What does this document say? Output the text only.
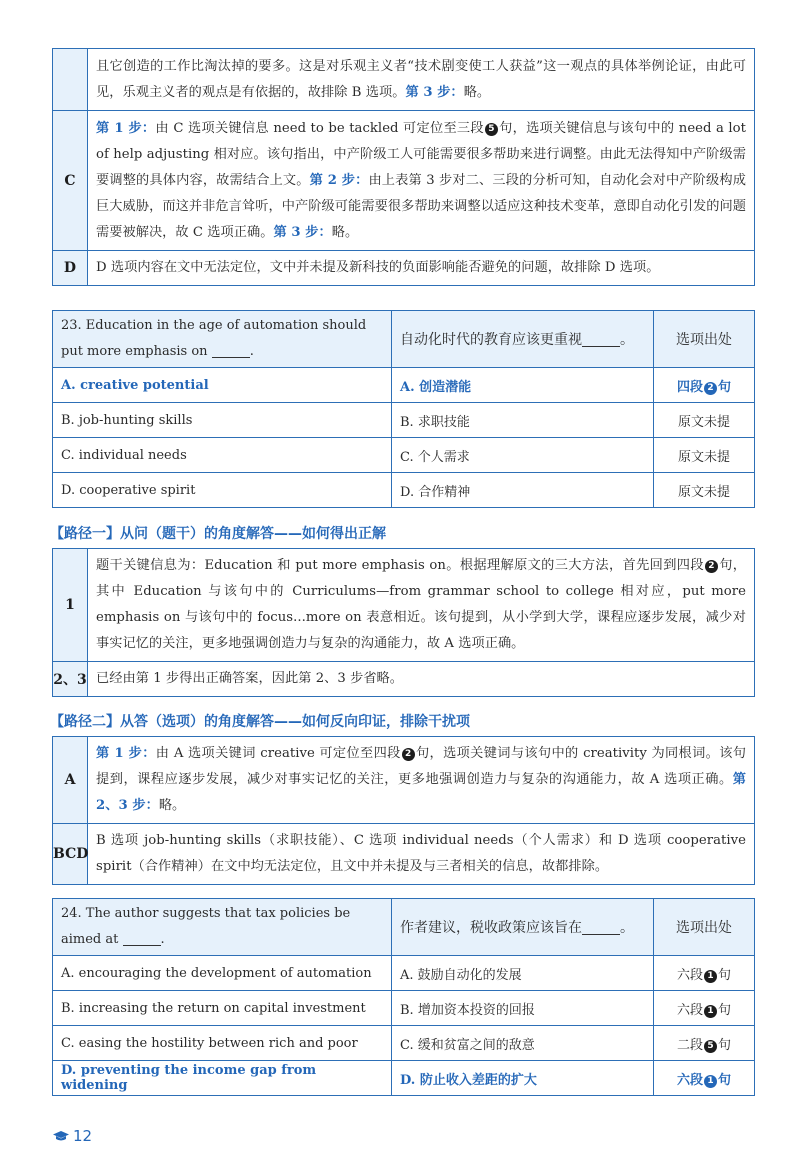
	且它创造的工作比淘汰掉的要多。这是对乐观主义者“技术剧变使工人获益”这一观点的具体举例论证，由此可见，乐观主义者的观点是有依据的，故排除 B 选项。第 3 步：略。
C	第 1 步：由 C 选项关键信息 need to be tackled 可定位至三段 5 句，选项关键信息与该句中的 need a lot of help adjusting 相对应。该句指出，中产阶级工人可能需要很多帮助来进行调整。由此无法得知中产阶级需要调整的具体内容，故需结合上文。第 2 步：由上表第 3 步对二、三段的分析可知，自动化会对中产阶级构成巨大威胁，而这并非危言耸听，中产阶级可能需要很多帮助来调整以适应这种技术变革，意即自动化引发的问题需要被解决，故 C 选项正确。第 3 步：略。
D	D 选项内容在文中无法定位，文中并未提及新科技的负面影响能否避免的问题，故排除 D 选项。
23. Education in the age of automation should put more emphasis on .	自动化时代的教育应该更重视 。	选项出处
A. creative potential	A. 创造潜能	四段 2 句
B. job-hunting skills	B. 求职技能	原文未提
C. individual needs	C. 个人需求	原文未提
D. cooperative spirit	D. 合作精神	原文未提
【路径一】从问（题干）的角度解答——如何得出正解
1	题干关键信息为：Education 和 put more emphasis on。根据理解原文的三大方法，首先回到四段 2 句，其中 Education 与该句中的 Curriculums—from grammar school to college 相对应，put more emphasis on 与该句中的 focus...more on 表意相近。该句提到，从小学到大学，课程应逐步发展，减少对事实记忆的关注，更多地强调创造力与复杂的沟通能力，故 A 选项正确。
2、3	已经由第 1 步得出正确答案，因此第 2、3 步省略。
【路径二】从答（选项）的角度解答——如何反向印证，排除干扰项
A	第 1 步：由 A 选项关键词 creative 可定位至四段 2 句，选项关键词与该句中的 creativity 为同根词。该句提到，课程应逐步发展，减少对事实记忆的关注，更多地强调创造力与复杂的沟通能力，故 A 选项正确。第 2、3 步：略。
BCD	B 选项 job-hunting skills（求职技能）、C 选项 individual needs（个人需求）和 D 选项 cooperative spirit（合作精神）在文中均无法定位，且文中并未提及与三者相关的信息，故都排除。
24. The author suggests that tax policies be aimed at .	作者建议，税收政策应该旨在 。	选项出处
A. encouraging the development of automation	A. 鼓励自动化的发展	六段 1 句
B. increasing the return on capital investment	B. 增加资本投资的回报	六段 1 句
C. easing the hostility between rich and poor	C. 缓和贫富之间的敌意	二段 5 句
D. preventing the income gap from widening	D. 防止收入差距的扩大	六段 1 句
12
